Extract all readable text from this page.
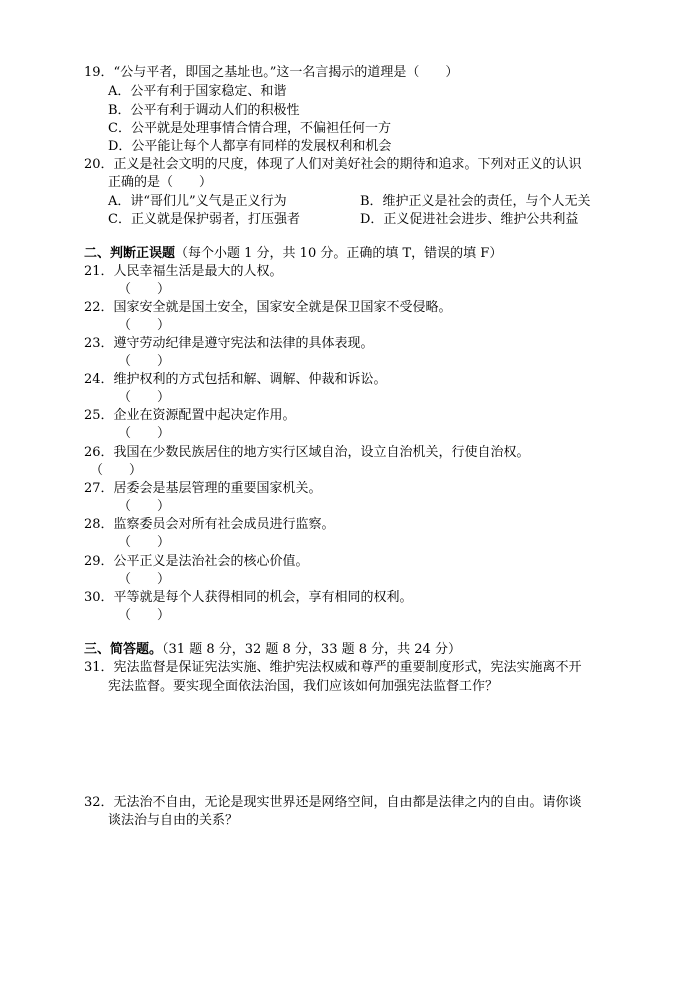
19．“公与平者，即国之基址也。”这一名言揭示的道理是（　　）
A．公平有利于国家稳定、和谐
B．公平有利于调动人们的积极性
C．公平就是处理事情合情合理，不偏袒任何一方
D．公平能让每个人都享有同样的发展权利和机会
20．正义是社会文明的尺度，体现了人们对美好社会的期待和追求。下列对正义的认识
正确的是（　　）
A．讲“哥们儿”义气是正义行为	B．维护正义是社会的责任，与个人无关
C．正义就是保护弱者，打压强者	D．正义促进社会进步、维护公共利益
二、判断正误题（每个小题 1 分，共 10 分。正确的填 T，错误的填 F）
21．人民幸福生活是最大的人权。
（　　）
22．国家安全就是国土安全，国家安全就是保卫国家不受侵略。
（　　）
23．遵守劳动纪律是遵守宪法和法律的具体表现。
（　　）
24．维护权利的方式包括和解、调解、仲裁和诉讼。
（　　）
25．企业在资源配置中起决定作用。
（　　）
26．我国在少数民族居住的地方实行区域自治，设立自治机关，行使自治权。
（　　）
27．居委会是基层管理的重要国家机关。
（　　）
28．监察委员会对所有社会成员进行监察。
（　　）
29．公平正义是法治社会的核心价值。
（　　）
30．平等就是每个人获得相同的机会，享有相同的权利。
（　　）
三、简答题。（31 题 8 分，32 题 8 分，33 题 8 分，共 24 分）
31．宪法监督是保证宪法实施、维护宪法权威和尊严的重要制度形式，宪法实施离不开
宪法监督。要实现全面依法治国，我们应该如何加强宪法监督工作？
32．无法治不自由，无论是现实世界还是网络空间，自由都是法律之内的自由。请你谈
谈法治与自由的关系？
